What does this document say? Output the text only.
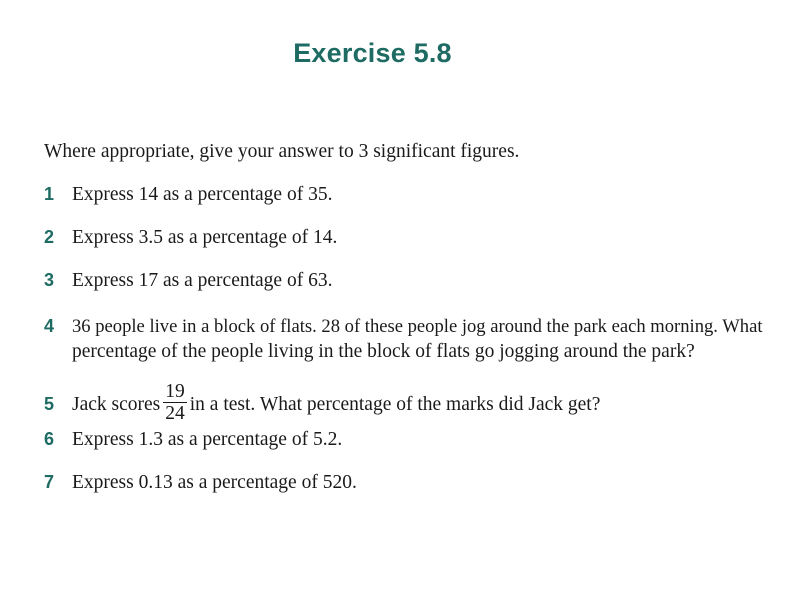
Exercise 5.8
Where appropriate, give your answer to 3 significant figures.
1 Express 14 as a percentage of 35.
2 Express 3.5 as a percentage of 14.
3 Express 17 as a percentage of 63.
4 36 people live in a block of flats. 28 of these people jog around the park each morning. What
percentage of the people living in the block of flats go jogging around the park?
5 Jack scores $\frac{19}{24}$ in a test. What percentage of the marks did Jack get?
6 Express 1.3 as a percentage of 5.2.
7 Express 0.13 as a percentage of 520.
